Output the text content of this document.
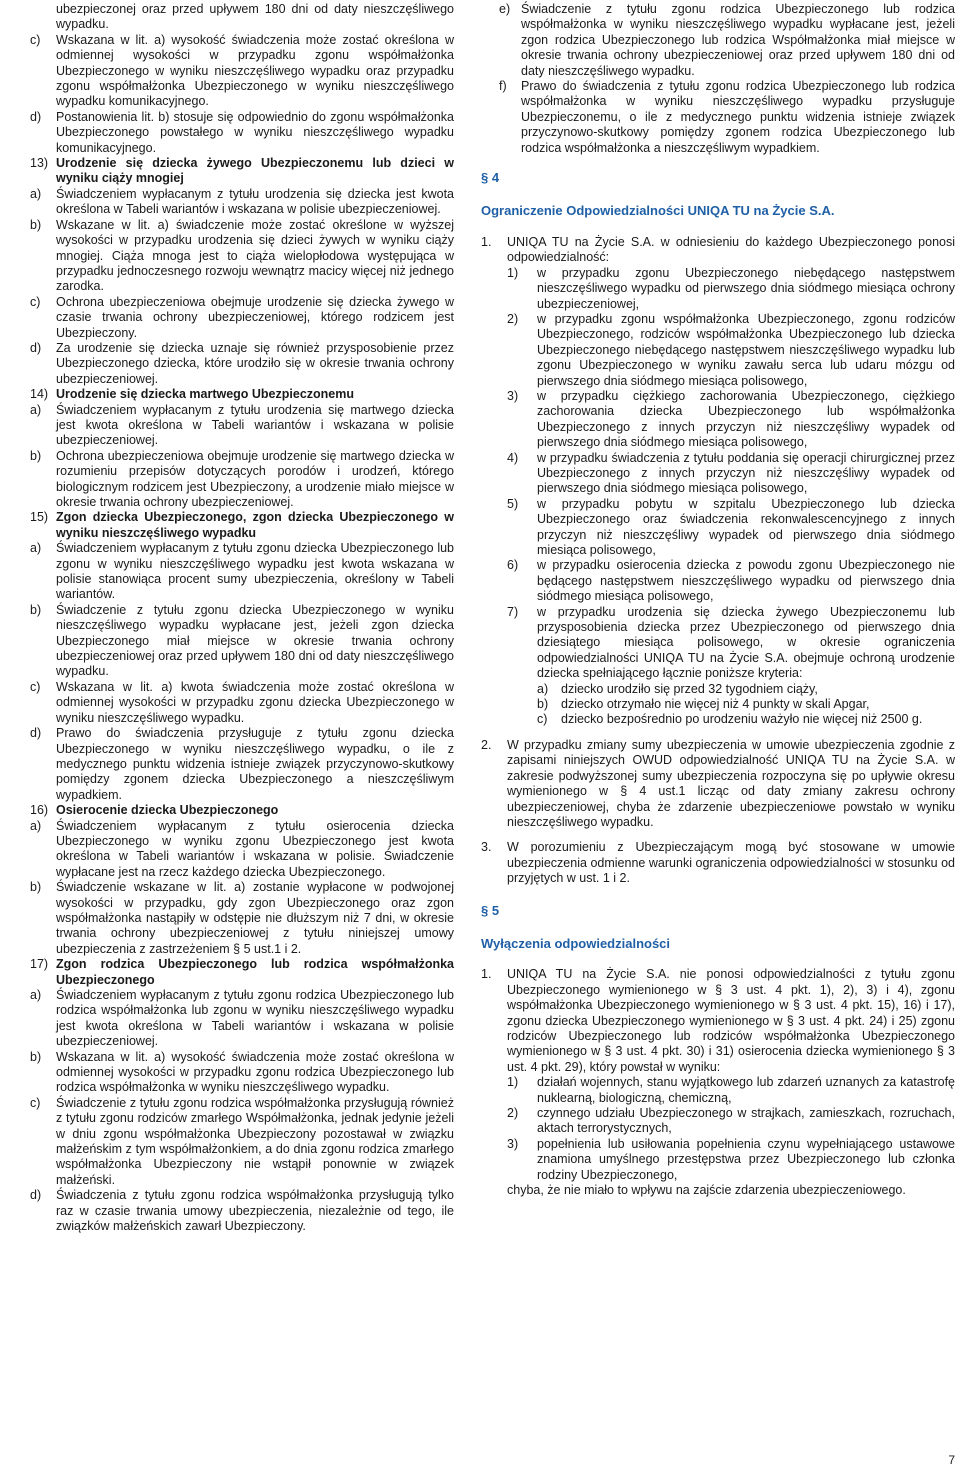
ubezpieczonej oraz przed upływem 180 dni od daty nieszczęśliwego wypadku.
c)	Wskazana w lit. a) wysokość świadczenia może zostać określona w odmiennej wysokości w przypadku zgonu współmałżonka Ubezpieczonego w wyniku nieszczęśliwego wypadku oraz przypadku zgonu współmałżonka Ubezpieczonego w wyniku nieszczęśliwego wypadku komunikacyjnego.
d)	Postanowienia lit. b) stosuje się odpowiednio do zgonu współmałżonka Ubezpieczonego powstałego w wyniku nieszczęśliwego wypadku komunikacyjnego.
13) Urodzenie się dziecka żywego Ubezpieczonemu lub dzieci w wyniku ciąży mnogiej
a)	Świadczeniem wypłacanym z tytułu urodzenia się dziecka jest kwota określona w Tabeli wariantów i wskazana w polisie ubezpieczeniowej.
b)	Wskazane w lit. a) świadczenie może zostać określone w wyższej wysokości w przypadku urodzenia się dzieci żywych w wyniku ciąży mnogiej. Ciąża mnoga jest to ciąża wielopłodowa występująca w przypadku jednoczesnego rozwoju wewnątrz macicy więcej niż jednego zarodka.
c)	Ochrona ubezpieczeniowa obejmuje urodzenie się dziecka żywego w czasie trwania ochrony ubezpieczeniowej, którego rodzicem jest Ubezpieczony.
d)	Za urodzenie się dziecka uznaje się również przysposobienie przez Ubezpieczonego dziecka, które urodziło się w okresie trwania ochrony ubezpieczeniowej.
14) Urodzenie się dziecka martwego Ubezpieczonemu
a)	Świadczeniem wypłacanym z tytułu urodzenia się martwego dziecka jest kwota określona w Tabeli wariantów i wskazana w polisie ubezpieczeniowej.
b)	Ochrona ubezpieczeniowa obejmuje urodzenie się martwego dziecka w rozumieniu przepisów dotyczących porodów i urodzeń, którego biologicznym rodzicem jest Ubezpieczony, a urodzenie miało miejsce w okresie trwania ochrony ubezpieczeniowej.
15) Zgon dziecka Ubezpieczonego, zgon dziecka Ubezpieczonego w wyniku nieszczęśliwego wypadku
a)	Świadczeniem wypłacanym z tytułu zgonu dziecka Ubezpieczonego lub zgonu w wyniku nieszczęśliwego wypadku jest kwota wskazana w polisie stanowiąca procent sumy ubezpieczenia, określony w Tabeli wariantów.
b)	Świadczenie z tytułu zgonu dziecka Ubezpieczonego w wyniku nieszczęśliwego wypadku wypłacane jest, jeżeli zgon dziecka Ubezpieczonego miał miejsce w okresie trwania ochrony ubezpieczeniowej oraz przed upływem 180 dni od daty nieszczęśliwego wypadku.
c)	Wskazana w lit. a) kwota świadczenia może zostać określona w odmiennej wysokości w przypadku zgonu dziecka Ubezpieczonego w wyniku nieszczęśliwego wypadku.
d)	Prawo do świadczenia przysługuje z tytułu zgonu dziecka Ubezpieczonego w wyniku nieszczęśliwego wypadku, o ile z medycznego punktu widzenia istnieje związek przyczynowo-skutkowy pomiędzy zgonem dziecka Ubezpieczonego a nieszczęśliwym wypadkiem.
16) Osierocenie dziecka Ubezpieczonego
a)	Świadczeniem wypłacanym z tytułu osierocenia dziecka Ubezpieczonego w wyniku zgonu Ubezpieczonego jest kwota określona w Tabeli wariantów i wskazana w polisie. Świadczenie wypłacane jest na rzecz każdego dziecka Ubezpieczonego.
b)	Świadczenie wskazane w lit. a) zostanie wypłacone w podwojonej wysokości w przypadku, gdy zgon Ubezpieczonego oraz zgon współmałżonka nastąpiły w odstępie nie dłuższym niż 7 dni, w okresie trwania ochrony ubezpieczeniowej z tytułu niniejszej umowy ubezpieczenia z zastrzeżeniem § 5 ust.1 i 2.
17) Zgon rodzica Ubezpieczonego lub rodzica współmałżonka Ubezpieczonego
a)	Świadczeniem wypłacanym z tytułu zgonu rodzica Ubezpieczonego lub rodzica współmałżonka lub zgonu w wyniku nieszczęśliwego wypadku jest kwota określona w Tabeli wariantów i wskazana w polisie ubezpieczeniowej.
b)	Wskazana w lit. a) wysokość świadczenia może zostać określona w odmiennej wysokości w przypadku zgonu rodzica Ubezpieczonego lub rodzica współmałżonka w wyniku nieszczęśliwego wypadku.
c)	Świadczenie z tytułu zgonu rodzica współmałżonka przysługują również z tytułu zgonu rodziców zmarłego Współmałżonka, jednak jedynie jeżeli w dniu zgonu współmałżonka Ubezpieczony pozostawał w związku małżeńskim z tym współmałżonkiem, a do dnia zgonu rodzica zmarłego współmałżonka Ubezpieczony nie wstąpił ponownie w związek małżeński.
d)	Świadczenia z tytułu zgonu rodzica współmałżonka przysługują tylko raz w czasie trwania umowy ubezpieczenia, niezależnie od tego, ile związków małżeńskich zawarł Ubezpieczony.
e) Świadczenie z tytułu zgonu rodzica Ubezpieczonego lub rodzica współmałżonka w wyniku nieszczęśliwego wypadku wypłacane jest, jeżeli zgon rodzica Ubezpieczonego lub rodzica Współmałżonka miał miejsce w okresie trwania ochrony ubezpieczeniowej oraz przed upływem 180 dni od daty nieszczęśliwego wypadku.
f)	Prawo do świadczenia z tytułu zgonu rodzica Ubezpieczonego lub rodzica współmałżonka w wyniku nieszczęśliwego wypadku przysługuje Ubezpieczonemu, o ile z medycznego punktu widzenia istnieje związek przyczynowo-skutkowy pomiędzy zgonem rodzica Ubezpieczonego lub rodzica współmałżonka a nieszczęśliwym wypadkiem.
§ 4
Ograniczenie Odpowiedzialności UNIQA TU na Życie S.A.
1.	UNIQA TU na Życie S.A. w odniesieniu do każdego Ubezpieczonego ponosi odpowiedzialność:
1)	w przypadku zgonu Ubezpieczonego niebędącego następstwem nieszczęśliwego wypadku od pierwszego dnia siódmego miesiąca ochrony ubezpieczeniowej,
2)	w przypadku zgonu współmałżonka Ubezpieczonego, zgonu rodziców Ubezpieczonego, rodziców współmałżonka Ubezpieczonego lub dziecka Ubezpieczonego niebędącego następstwem nieszczęśliwego wypadku lub zgonu Ubezpieczonego w wyniku zawału serca lub udaru mózgu od pierwszego dnia siódmego miesiąca polisowego,
3)	w przypadku ciężkiego zachorowania Ubezpieczonego, ciężkiego zachorowania dziecka Ubezpieczonego lub współmałżonka Ubezpieczonego z innych przyczyn niż nieszczęśliwy wypadek od pierwszego dnia siódmego miesiąca polisowego,
4)	w przypadku świadczenia z tytułu poddania się operacji chirurgicznej przez Ubezpieczonego z innych przyczyn niż nieszczęśliwy wypadek od pierwszego dnia siódmego miesiąca polisowego,
5)	w przypadku pobytu w szpitalu Ubezpieczonego lub dziecka Ubezpieczonego oraz świadczenia rekonwalescencyjnego z innych przyczyn niż nieszczęśliwy wypadek od pierwszego dnia siódmego miesiąca polisowego,
6)	w przypadku osierocenia dziecka z powodu zgonu Ubezpieczonego nie będącego następstwem nieszczęśliwego wypadku od pierwszego dnia siódmego miesiąca polisowego,
7)	w przypadku urodzenia się dziecka żywego Ubezpieczonemu lub przysposobienia dziecka przez Ubezpieczonego od pierwszego dnia dziesiątego miesiąca polisowego, w okresie ograniczenia odpowiedzialności UNIQA TU na Życie S.A. obejmuje ochroną urodzenie dziecka spełniającego łącznie poniższe kryteria:
a)	dziecko urodziło się przed 32 tygodniem ciąży,
b)	dziecko otrzymało nie więcej niż 4 punkty w skali Apgar,
c)	dziecko bezpośrednio po urodzeniu ważyło nie więcej niż 2500 g.
2.	W przypadku zmiany sumy ubezpieczenia w umowie ubezpieczenia zgodnie z zapisami niniejszych OWUD odpowiedzialność UNIQA TU na Życie S.A. w zakresie podwyższonej sumy ubezpieczenia rozpoczyna się po upływie okresu wymienionego w § 4 ust.1 licząc od daty zmiany zakresu ochrony ubezpieczeniowej, chyba że zdarzenie ubezpieczeniowe powstało w wyniku nieszczęśliwego wypadku.
3.	W porozumieniu z Ubezpieczającym mogą być stosowane w umowie ubezpieczenia odmienne warunki ograniczenia odpowiedzialności w stosunku od przyjętych w ust. 1 i 2.
§ 5
Wyłączenia odpowiedzialności
1.	UNIQA TU na Życie S.A. nie ponosi odpowiedzialności z tytułu zgonu Ubezpieczonego wymienionego w § 3 ust. 4 pkt. 1), 2), 3) i 4), zgonu współmałżonka Ubezpieczonego wymienionego w § 3 ust. 4 pkt. 15), 16) i 17), zgonu dziecka Ubezpieczonego wymienionego w § 3 ust. 4 pkt. 24) i 25) zgonu rodziców Ubezpieczonego lub rodziców współmałżonka Ubezpieczonego wymienionego w § 3 ust. 4 pkt. 30) i 31) osierocenia dziecka wymienionego § 3 ust. 4 pkt. 29), który powstał w wyniku:
1)	działań wojennych, stanu wyjątkowego lub zdarzeń uznanych za katastrofę nuklearną, biologiczną, chemiczną,
2)	czynnego udziału Ubezpieczonego w strajkach, zamieszkach, rozruchach, aktach terrorystycznych,
3)	popełnienia lub usiłowania popełnienia czynu wypełniającego ustawowe znamiona umyślnego przestępstwa przez Ubezpieczonego lub członka rodziny Ubezpieczonego,
chyba, że nie miało to wpływu na zajście zdarzenia ubezpieczeniowego.
7
